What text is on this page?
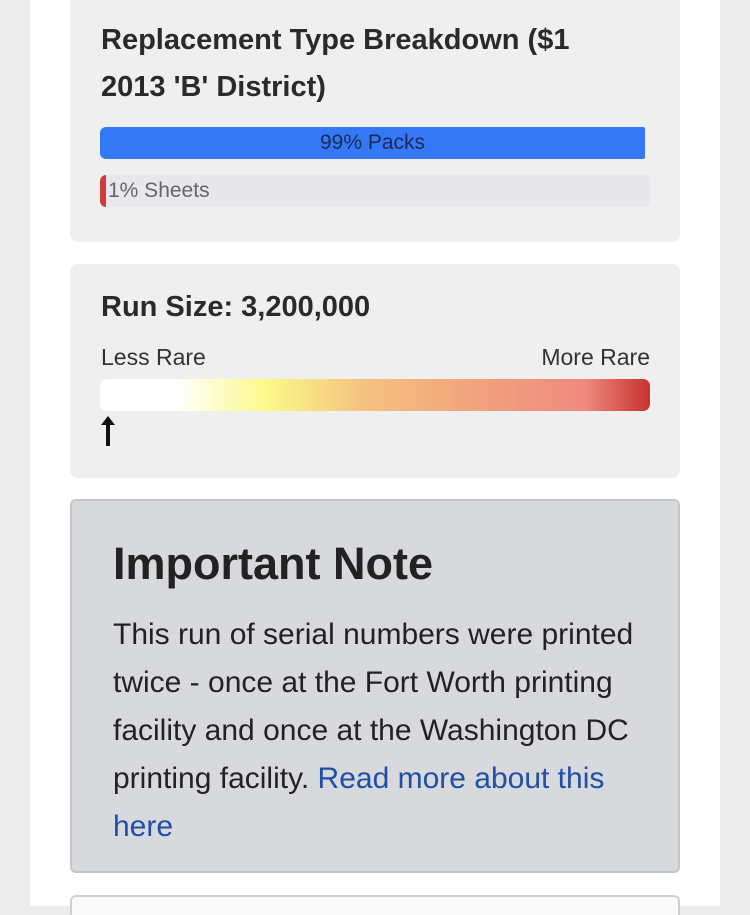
Replacement Type Breakdown ($1 2013 'B' District)
99% Packs
1% Sheets
Run Size: 3,200,000
Less Rare	More Rare
Important Note

This run of serial numbers were printed twice - once at the Fort Worth printing facility and once at the Washington DC printing facility. Read more about this here
